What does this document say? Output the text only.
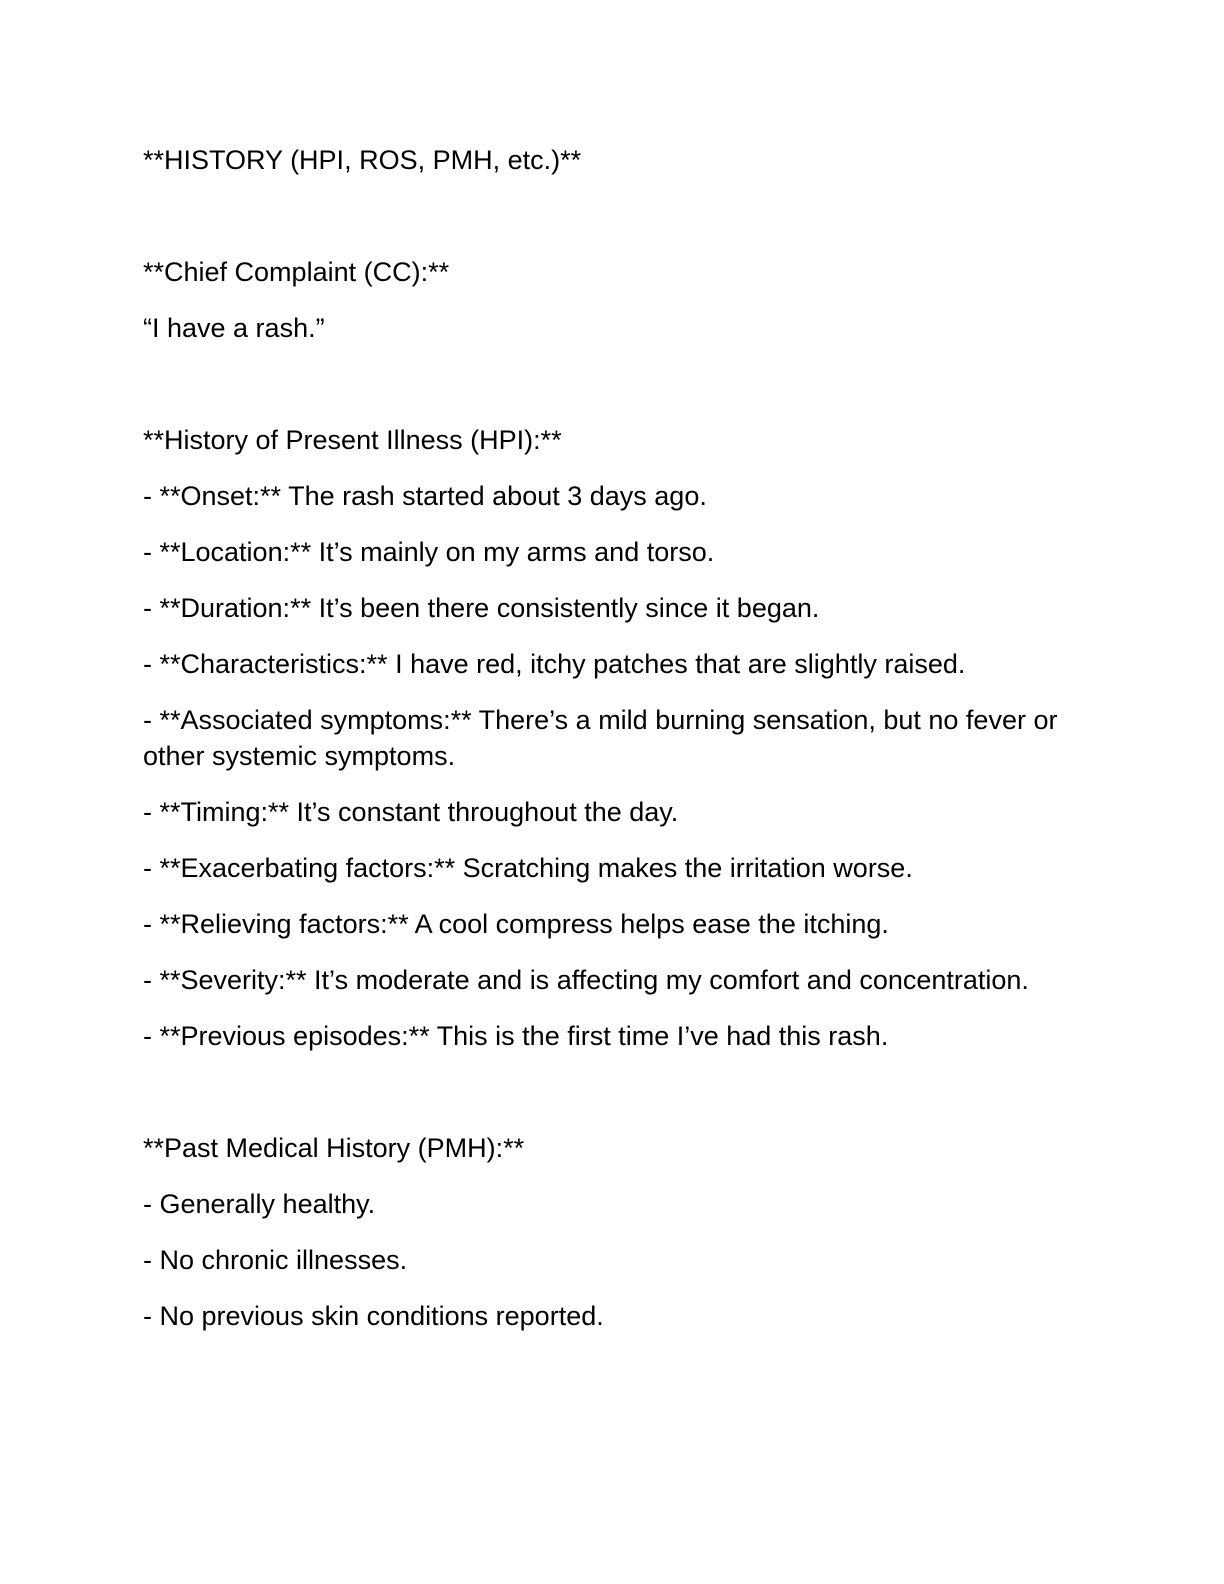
**HISTORY (HPI, ROS, PMH, etc.)**

**Chief Complaint (CC):**

“I have a rash.”

**History of Present Illness (HPI):**

- **Onset:** The rash started about 3 days ago.

- **Location:** It’s mainly on my arms and torso.

- **Duration:** It’s been there consistently since it began.

- **Characteristics:** I have red, itchy patches that are slightly raised.

- **Associated symptoms:** There’s a mild burning sensation, but no fever or other systemic symptoms.

- **Timing:** It’s constant throughout the day.

- **Exacerbating factors:** Scratching makes the irritation worse.

- **Relieving factors:** A cool compress helps ease the itching.

- **Severity:** It’s moderate and is affecting my comfort and concentration.

- **Previous episodes:** This is the first time I’ve had this rash.

**Past Medical History (PMH):**

- Generally healthy.

- No chronic illnesses.

- No previous skin conditions reported.
